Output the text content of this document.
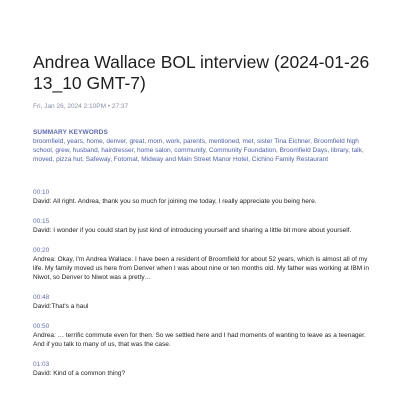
Andrea Wallace BOL interview (2024-01-26 13_10 GMT-7)
Fri, Jan 26, 2024 2:10PM • 27:37
SUMMARY KEYWORDS
broomfield, years, home, denver, great, mom, work, parents, mentioned, met, sister Tina Eichner, Broomfield high school, grew, husband, hairdresser, home salon, community, Community Foundation, Broomfield Days, library, talk, moved, pizza hut, Safeway, Fotomat, Midway and Main Street Manor Hotel, Cichino Family Restaurant
00:10
David: All right. Andrea, thank you so much for joining me today, I really appreciate you being here.
00:15
David: I wonder if you could start by just kind of introducing yourself and sharing a little bit more about yourself.
00:20
Andrea: Okay, I'm Andrea Wallace. I have been a resident of Broomfield for about 52 years, which is almost all of my life. My family moved us here from Denver when I was about nine or ten months old. My father was working at IBM in Niwot, so Denver to Niwot was a pretty…
00:48
David:That's a haul
00:50
Andrea: … terrific commute even for then. So we settled here and I had moments of wanting to leave as a teenager. And if you talk to many of us, that was the case.
01:03
David: Kind of a common thing?
